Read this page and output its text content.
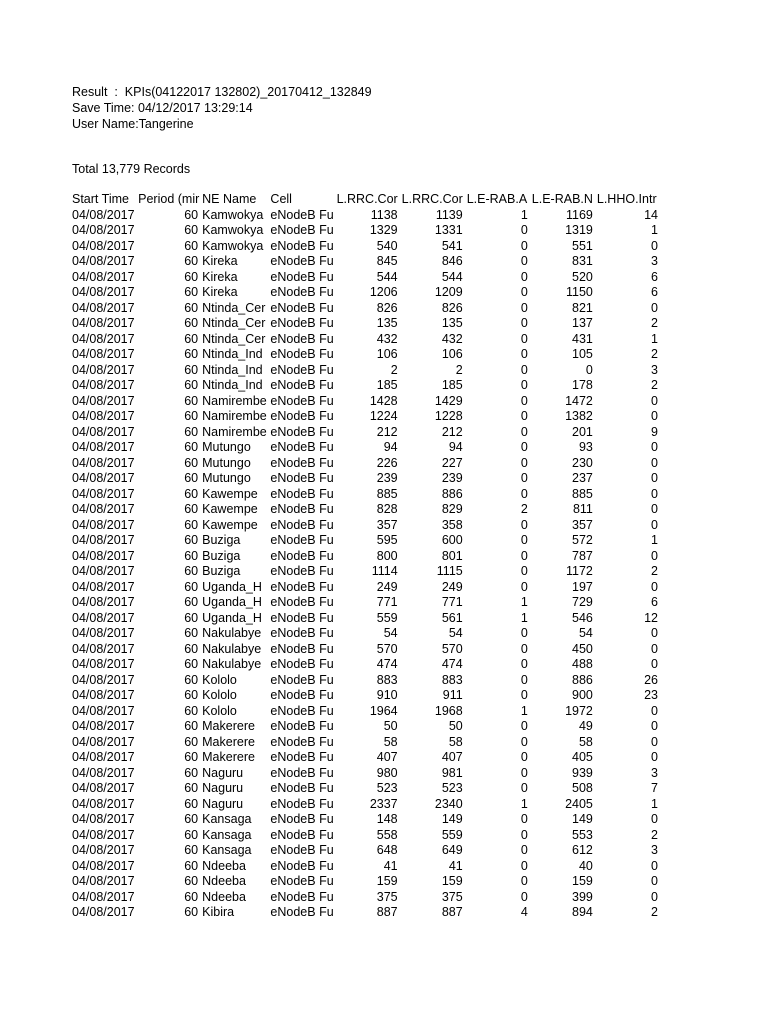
Result  :  KPIs(04122017 132802)_20170412_132849
Save Time: 04/12/2017 13:29:14
User Name:Tangerine
Total 13,779 Records
Start Time	Period (mir	NE Name	Cell	L.RRC.Cor	L.RRC.Cor	L.E-RAB.A	L.E-RAB.N	L.HHO.Intr
04/08/2017	60	Kamwokya	eNodeB Fu	1138	1139	1	1169	14
04/08/2017	60	Kamwokya	eNodeB Fu	1329	1331	0	1319	1
04/08/2017	60	Kamwokya	eNodeB Fu	540	541	0	551	0
04/08/2017	60	Kireka	eNodeB Fu	845	846	0	831	3
04/08/2017	60	Kireka	eNodeB Fu	544	544	0	520	6
04/08/2017	60	Kireka	eNodeB Fu	1206	1209	0	1150	6
04/08/2017	60	Ntinda_Cer	eNodeB Fu	826	826	0	821	0
04/08/2017	60	Ntinda_Cer	eNodeB Fu	135	135	0	137	2
04/08/2017	60	Ntinda_Cer	eNodeB Fu	432	432	0	431	1
04/08/2017	60	Ntinda_Ind	eNodeB Fu	106	106	0	105	2
04/08/2017	60	Ntinda_Ind	eNodeB Fu	2	2	0	0	3
04/08/2017	60	Ntinda_Ind	eNodeB Fu	185	185	0	178	2
04/08/2017	60	Namirembe	eNodeB Fu	1428	1429	0	1472	0
04/08/2017	60	Namirembe	eNodeB Fu	1224	1228	0	1382	0
04/08/2017	60	Namirembe	eNodeB Fu	212	212	0	201	9
04/08/2017	60	Mutungo	eNodeB Fu	94	94	0	93	0
04/08/2017	60	Mutungo	eNodeB Fu	226	227	0	230	0
04/08/2017	60	Mutungo	eNodeB Fu	239	239	0	237	0
04/08/2017	60	Kawempe	eNodeB Fu	885	886	0	885	0
04/08/2017	60	Kawempe	eNodeB Fu	828	829	2	811	0
04/08/2017	60	Kawempe	eNodeB Fu	357	358	0	357	0
04/08/2017	60	Buziga	eNodeB Fu	595	600	0	572	1
04/08/2017	60	Buziga	eNodeB Fu	800	801	0	787	0
04/08/2017	60	Buziga	eNodeB Fu	1114	1115	0	1172	2
04/08/2017	60	Uganda_H	eNodeB Fu	249	249	0	197	0
04/08/2017	60	Uganda_H	eNodeB Fu	771	771	1	729	6
04/08/2017	60	Uganda_H	eNodeB Fu	559	561	1	546	12
04/08/2017	60	Nakulabye	eNodeB Fu	54	54	0	54	0
04/08/2017	60	Nakulabye	eNodeB Fu	570	570	0	450	0
04/08/2017	60	Nakulabye	eNodeB Fu	474	474	0	488	0
04/08/2017	60	Kololo	eNodeB Fu	883	883	0	886	26
04/08/2017	60	Kololo	eNodeB Fu	910	911	0	900	23
04/08/2017	60	Kololo	eNodeB Fu	1964	1968	1	1972	0
04/08/2017	60	Makerere	eNodeB Fu	50	50	0	49	0
04/08/2017	60	Makerere	eNodeB Fu	58	58	0	58	0
04/08/2017	60	Makerere	eNodeB Fu	407	407	0	405	0
04/08/2017	60	Naguru	eNodeB Fu	980	981	0	939	3
04/08/2017	60	Naguru	eNodeB Fu	523	523	0	508	7
04/08/2017	60	Naguru	eNodeB Fu	2337	2340	1	2405	1
04/08/2017	60	Kansaga	eNodeB Fu	148	149	0	149	0
04/08/2017	60	Kansaga	eNodeB Fu	558	559	0	553	2
04/08/2017	60	Kansaga	eNodeB Fu	648	649	0	612	3
04/08/2017	60	Ndeeba	eNodeB Fu	41	41	0	40	0
04/08/2017	60	Ndeeba	eNodeB Fu	159	159	0	159	0
04/08/2017	60	Ndeeba	eNodeB Fu	375	375	0	399	0
04/08/2017	60	Kibira	eNodeB Fu	887	887	4	894	2
